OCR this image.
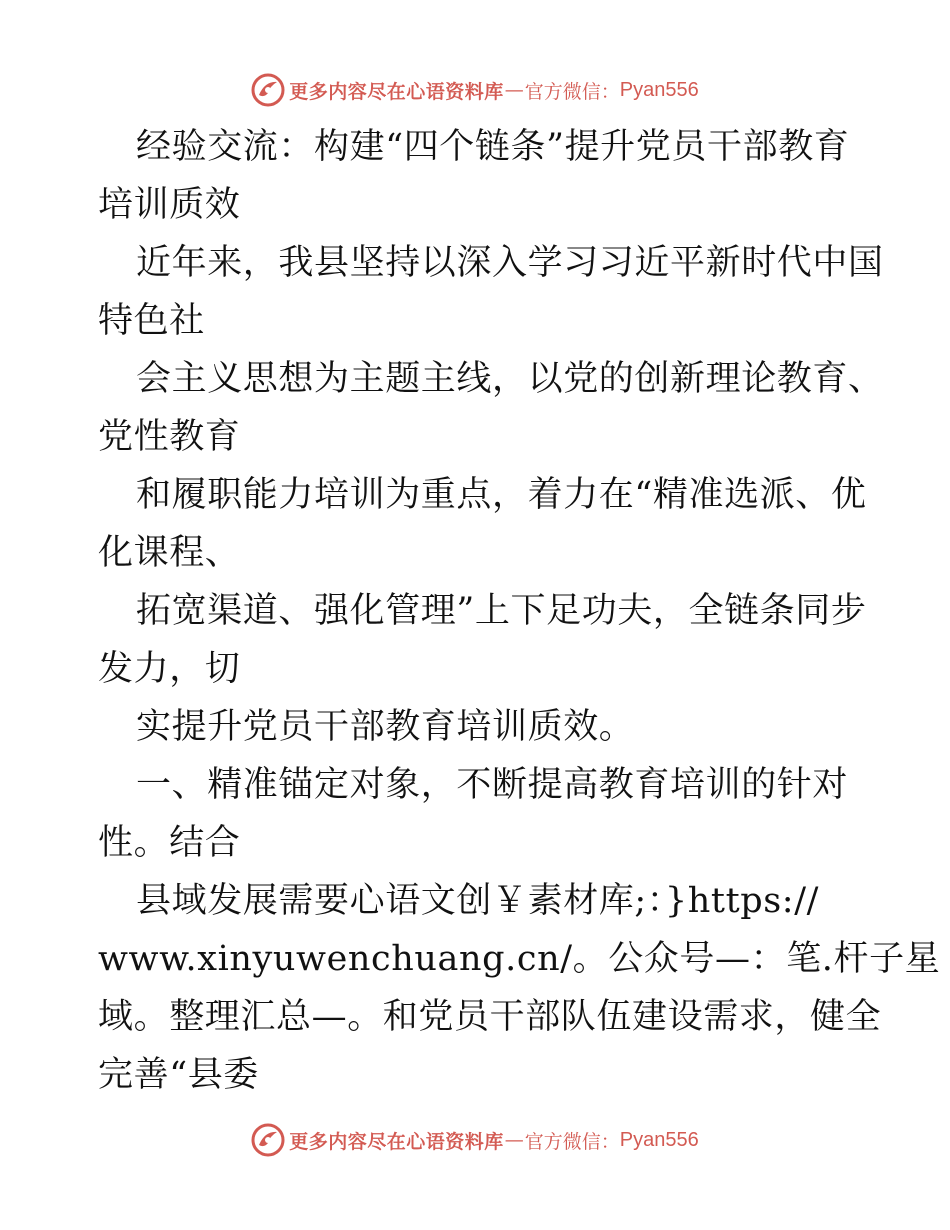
更多内容尽在心语资料库 — 官方微信： Pyan556
经验交流：构建“四个链条”提升党员干部教育
培训质效
近年来，我县坚持以深入学习习近平新时代中国
特色社
会主义思想为主题主线，以党的创新理论教育、
党性教育
和履职能力培训为重点，着力在“精准选派、优
化课程、
拓宽渠道、强化管理”上下足功夫，全链条同步
发力，切
实提升党员干部教育培训质效。
一、精准锚定对象，不断提高教育培训的针对
性。结合
县域发展需要心语文创￥素材库;：}https://
www.xinyuwenchuang.cn/。公众号—：笔.杆子星
域。整理汇总—。和党员干部队伍建设需求，健全
完善“县委
更多内容尽在心语资料库 — 官方微信： Pyan556
